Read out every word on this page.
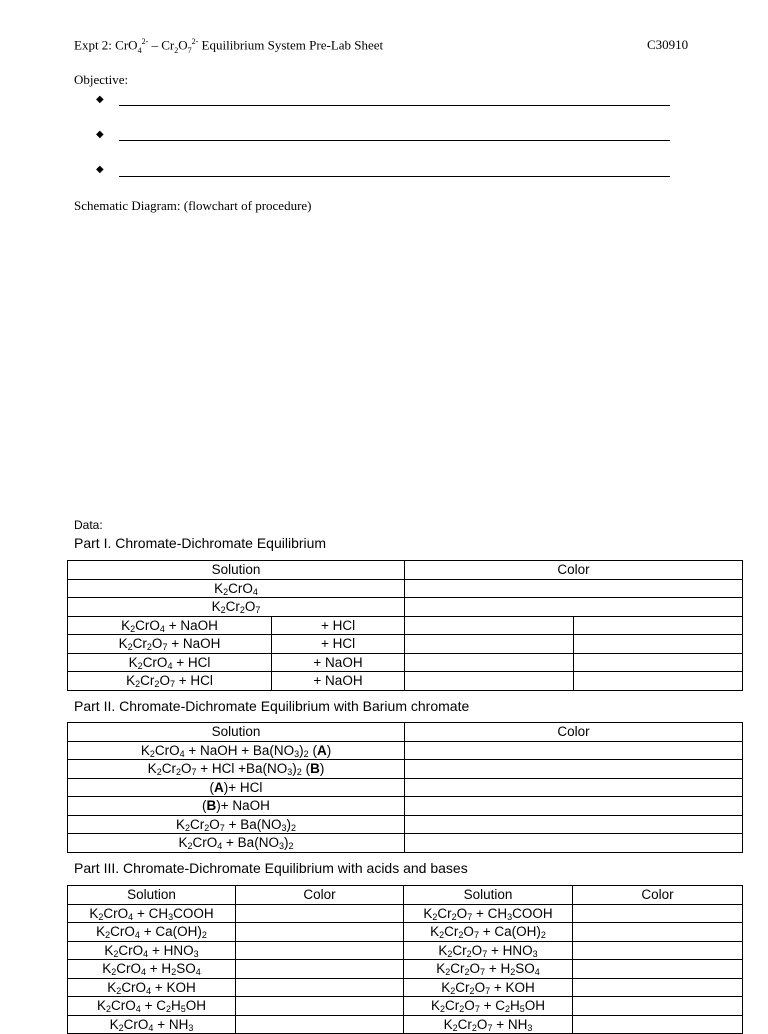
Expt 2: $CrO_4^{2-} - Cr_2O_7^{2-}$ Equilibrium System Pre-Lab Sheet	C30910
Objective:
◆
◆
◆
Schematic Diagram: (flowchart of procedure)
Data:
Part I. Chromate-Dichromate Equilibrium
Solution		Color	
$K_2CrO_4$	
$K_2Cr_2O_7$	
$K_2CrO_4$ + NaOH	+ HCl		
$K_2Cr_2O_7$ + NaOH	+ HCl		
$K_2CrO_4$ + HCl	+ NaOH		
$K_2Cr_2O_7$ + HCl	+ NaOH		
Part II. Chromate-Dichromate Equilibrium with Barium chromate
Solution	Color
$K_2CrO_4$ + NaOH + $Ba(NO_3)_2$ (A)	
$K_2Cr_2O_7$ + HCl $+Ba(NO_3)_2$ (B)	
(A)+ HCl	
(B)+ NaOH	
$K_2Cr_2O_7 + Ba(NO_3)_2$	
$K_2CrO_4 + Ba(NO_3)_2$	
Part III. Chromate-Dichromate Equilibrium with acids and bases
Solution	Color	Solution	Color
$K_2CrO_4$ + $CH_3COOH$		$K_2Cr_2O_7$ + $CH_3COOH$	
$K_2CrO_4 + Ca(OH)_2$		$K_2Cr_2O_7 + Ca(OH)_2$	
$K_2CrO_4 + HNO_3$		$K_2Cr_2O_7 + HNO_3$	
$K_2CrO_4 + H_2SO_4$		$K_2Cr_2O_7 + H_2SO_4$	
$K_2CrO_4$ + KOH		$K_2Cr_2O_7$ + KOH	
$K_2CrO_4 + C_2H_5OH$		$K_2Cr_2O_7 + C_2H_5OH$	
$K_2CrO_4 + NH_3$		$K_2Cr_2O_7 + NH_3$	
